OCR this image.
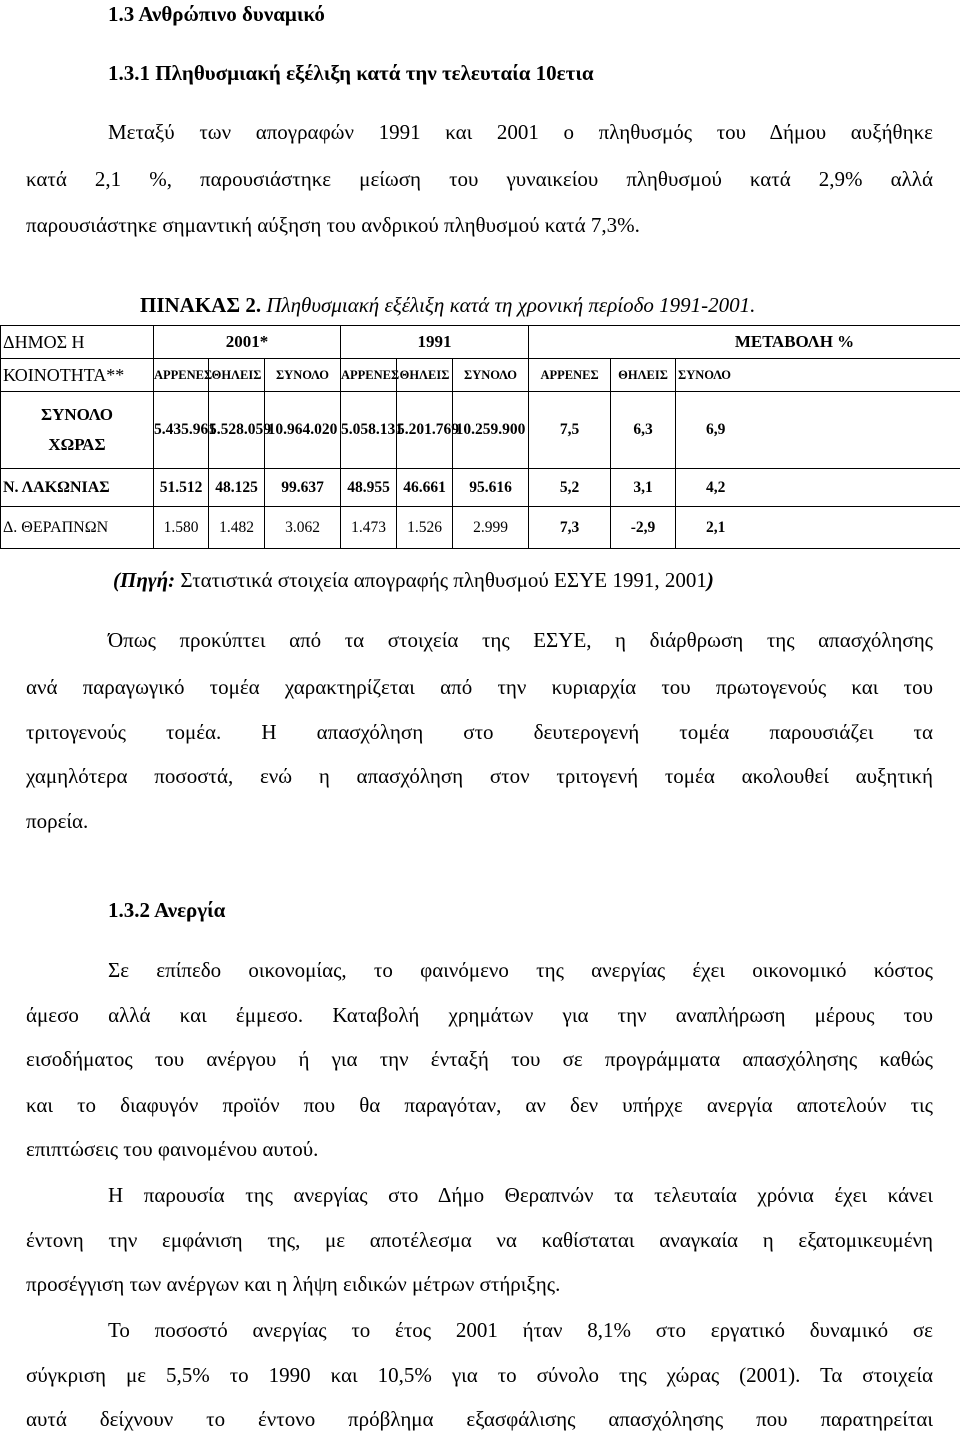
1.3 Ανθρώπινο δυναμικό
1.3.1 Πληθυσμιακή εξέλιξη κατά την τελευταία 10ετια
Μεταξύ των απογραφών 1991 και 2001 ο πληθυσμός του Δήμου αυξήθηκε
κατά 2,1 %, παρουσιάστηκε μείωση του γυναικείου πληθυσμού κατά 2,9% αλλά
παρουσιάστηκε σημαντική αύξηση του ανδρικού πληθυσμού κατά 7,3%.
ΠΙΝΑΚΑΣ 2. Πληθυσμιακή εξέλιξη κατά τη χρονική περίοδο 1991-2001.
ΔΗΜΟΣ Η	2001*			1991			ΜΕΤΑΒΟΛΗ %		
ΚΟΙΝΟΤΗΤΑ**	ΑΡΡΕΝΕΣ	ΘΗΛΕΙΣ	ΣΥΝΟΛΟ	ΑΡΡΕΝΕΣ	ΘΗΛΕΙΣ	ΣΥΝΟΛΟ	ΑΡΡΕΝΕΣ	ΘΗΛΕΙΣ	ΣΥΝΟΛΟ

ΣΥΝΟΛΟ
ΧΩΡΑΣ	5.435.961	5.528.059	10.964.020	5.058.131	5.201.769	10.259.900	7,5	6,3	6,9
Ν. ΛΑΚΩΝΙΑΣ	51.512	48.125	99.637	48.955	46.661	95.616	5,2	3,1	4,2
Δ. ΘΕΡΑΠΝΩΝ	1.580	1.482	3.062	1.473	1.526	2.999	7,3	-2,9	2,1
(Πηγή: Στατιστικά στοιχεία απογραφής πληθυσμού ΕΣΥΕ 1991, 2001)
Όπως προκύπτει από τα στοιχεία της ΕΣΥΕ, η διάρθρωση της απασχόλησης
ανά παραγωγικό τομέα χαρακτηρίζεται από την κυριαρχία του πρωτογενούς και του
τριτογενούς τομέα. Η απασχόληση στο δευτερογενή τομέα παρουσιάζει τα
χαμηλότερα ποσοστά, ενώ η απασχόληση στον τριτογενή τομέα ακολουθεί αυξητική
πορεία.
1.3.2 Ανεργία
Σε επίπεδο οικονομίας, το φαινόμενο της ανεργίας έχει οικονομικό κόστος
άμεσο αλλά και έμμεσο. Καταβολή χρημάτων για την αναπλήρωση μέρους του
εισοδήματος του ανέργου ή για την ένταξή του σε προγράμματα απασχόλησης καθώς
και το διαφυγόν προϊόν που θα παραγόταν, αν δεν υπήρχε ανεργία αποτελούν τις
επιπτώσεις του φαινομένου αυτού.
Η παρουσία της ανεργίας στο Δήμο Θεραπνών τα τελευταία χρόνια έχει κάνει
έντονη την εμφάνιση της, με αποτέλεσμα να καθίσταται αναγκαία η εξατομικευμένη
προσέγγιση των ανέργων και η λήψη ειδικών μέτρων στήριξης.
Το ποσοστό ανεργίας το έτος 2001 ήταν 8,1% στο εργατικό δυναμικό σε
σύγκριση με 5,5% το 1990 και 10,5% για το σύνολο της χώρας (2001). Τα στοιχεία
αυτά δείχνουν το έντονο πρόβλημα εξασφάλισης απασχόλησης που παρατηρείται
